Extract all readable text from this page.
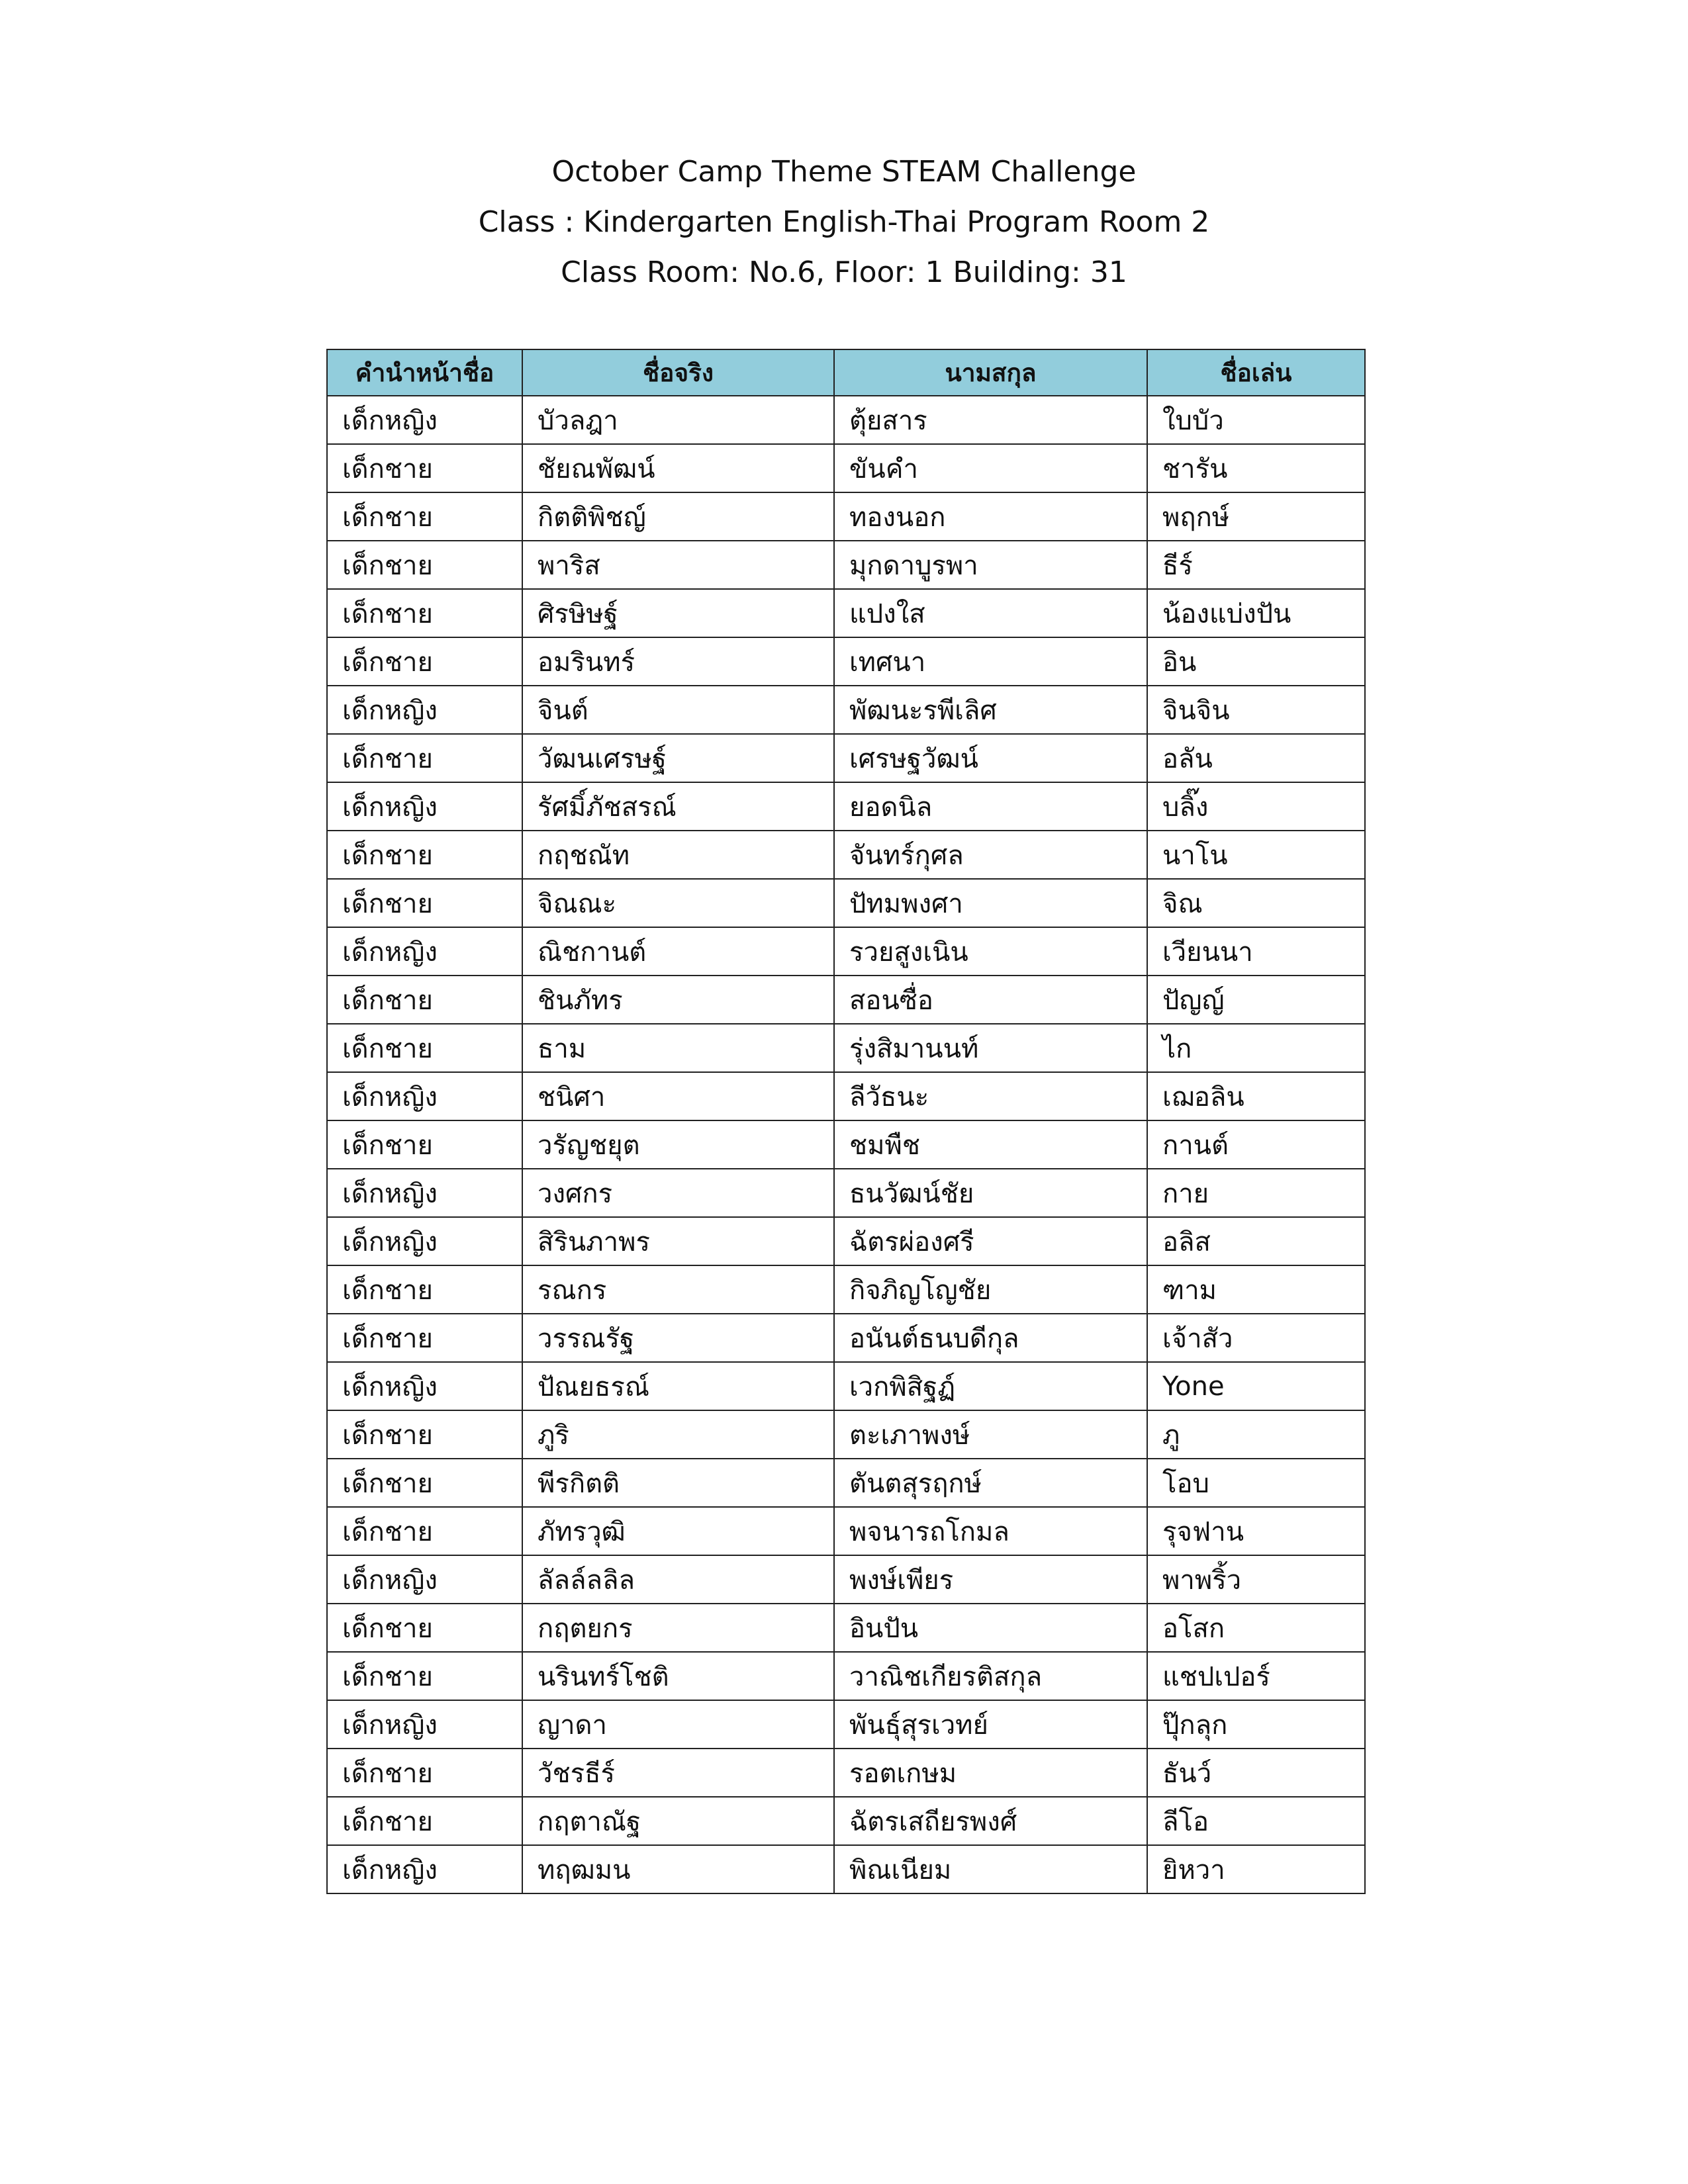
October Camp Theme STEAM Challenge
Class : Kindergarten English-Thai Program Room 2
Class Room: No.6, Floor: 1 Building: 31
คำนำหน้าชื่อ	ชื่อจริง	นามสกุล	ชื่อเล่น
เด็กหญิง	บัวลฎา	ตุ้ยสาร	ใบบัว
เด็กชาย	ชัยณพัฒน์	ขันคำ	ชารัน
เด็กชาย	กิตติพิชญ์	ทองนอก	พฤกษ์
เด็กชาย	พาริส	มุกดาบูรพา	ธีร์
เด็กชาย	ศิรษิษฐ์	แปงใส	น้องแบ่งปัน
เด็กชาย	อมรินทร์	เทศนา	อิน
เด็กหญิง	จินต์	พัฒนะรพีเลิศ	จินจิน
เด็กชาย	วัฒนเศรษฐ์	เศรษฐวัฒน์	อลัน
เด็กหญิง	รัศมิ์ภัชสรณ์	ยอดนิล	บลิ๊ง
เด็กชาย	กฤชณัท	จันทร์กุศล	นาโน
เด็กชาย	จิณณะ	ปัทมพงศา	จิณ
เด็กหญิง	ณิชกานต์	รวยสูงเนิน	เวียนนา
เด็กชาย	ชินภัทร	สอนซื่อ	ปัญญ์
เด็กชาย	ธาม	รุ่งสิมานนท์	ไก
เด็กหญิง	ชนิศา	ลีวัธนะ	เฌอลิน
เด็กชาย	วรัญชยุต	ชมพืช	กานต์
เด็กหญิง	วงศกร	ธนวัฒน์ชัย	กาย
เด็กหญิง	สิรินภาพร	ฉัตรผ่องศรี	อลิส
เด็กชาย	รณกร	กิจภิญโญชัย	ฑาม
เด็กชาย	วรรณรัฐ	อนันต์ธนบดีกุล	เจ้าสัว
เด็กหญิง	ปัณยธรณ์	เวกพิสิฐฏ์	Yone
เด็กชาย	ภูริ	ตะเภาพงษ์	ภู
เด็กชาย	พีรกิตติ	ตันตสุรฤกษ์	โอบ
เด็กชาย	ภัทรวุฒิ	พจนารถโกมล	รุจฟาน
เด็กหญิง	ลัลล์ลลิล	พงษ์เพียร	พาพริ้ว
เด็กชาย	กฤตยกร	อินปัน	อโสก
เด็กชาย	นรินทร์โชติ	วาณิชเกียรติสกุล	แชปเปอร์
เด็กหญิง	ญาดา	พันธุ์สุรเวทย์	ปุ๊กลุก
เด็กชาย	วัชรธีร์	รอตเกษม	ธันว์
เด็กชาย	กฤตาณัฐ	ฉัตรเสถียรพงศ์	ลีโอ
เด็กหญิง	ทฤฒมน	พิณเนียม	ยิหวา
